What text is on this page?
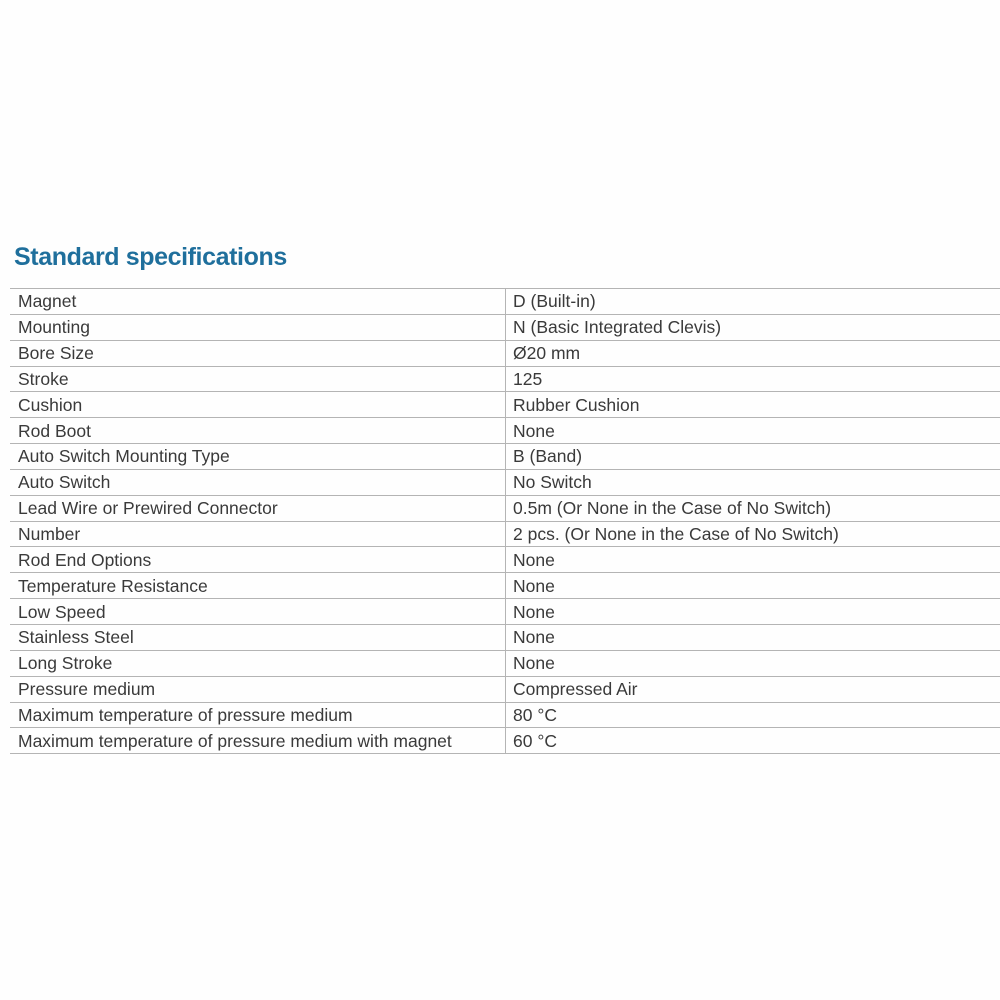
Standard specifications
Magnet	D (Built-in)
Mounting	N (Basic Integrated Clevis)
Bore Size	Ø20 mm
Stroke	125
Cushion	Rubber Cushion
Rod Boot	None
Auto Switch Mounting Type	B (Band)
Auto Switch	No Switch
Lead Wire or Prewired Connector	0.5m (Or None in the Case of No Switch)
Number	2 pcs. (Or None in the Case of No Switch)
Rod End Options	None
Temperature Resistance	None
Low Speed	None
Stainless Steel	None
Long Stroke	None
Pressure medium	Compressed Air
Maximum temperature of pressure medium	80 °C
Maximum temperature of pressure medium with magnet	60 °C
